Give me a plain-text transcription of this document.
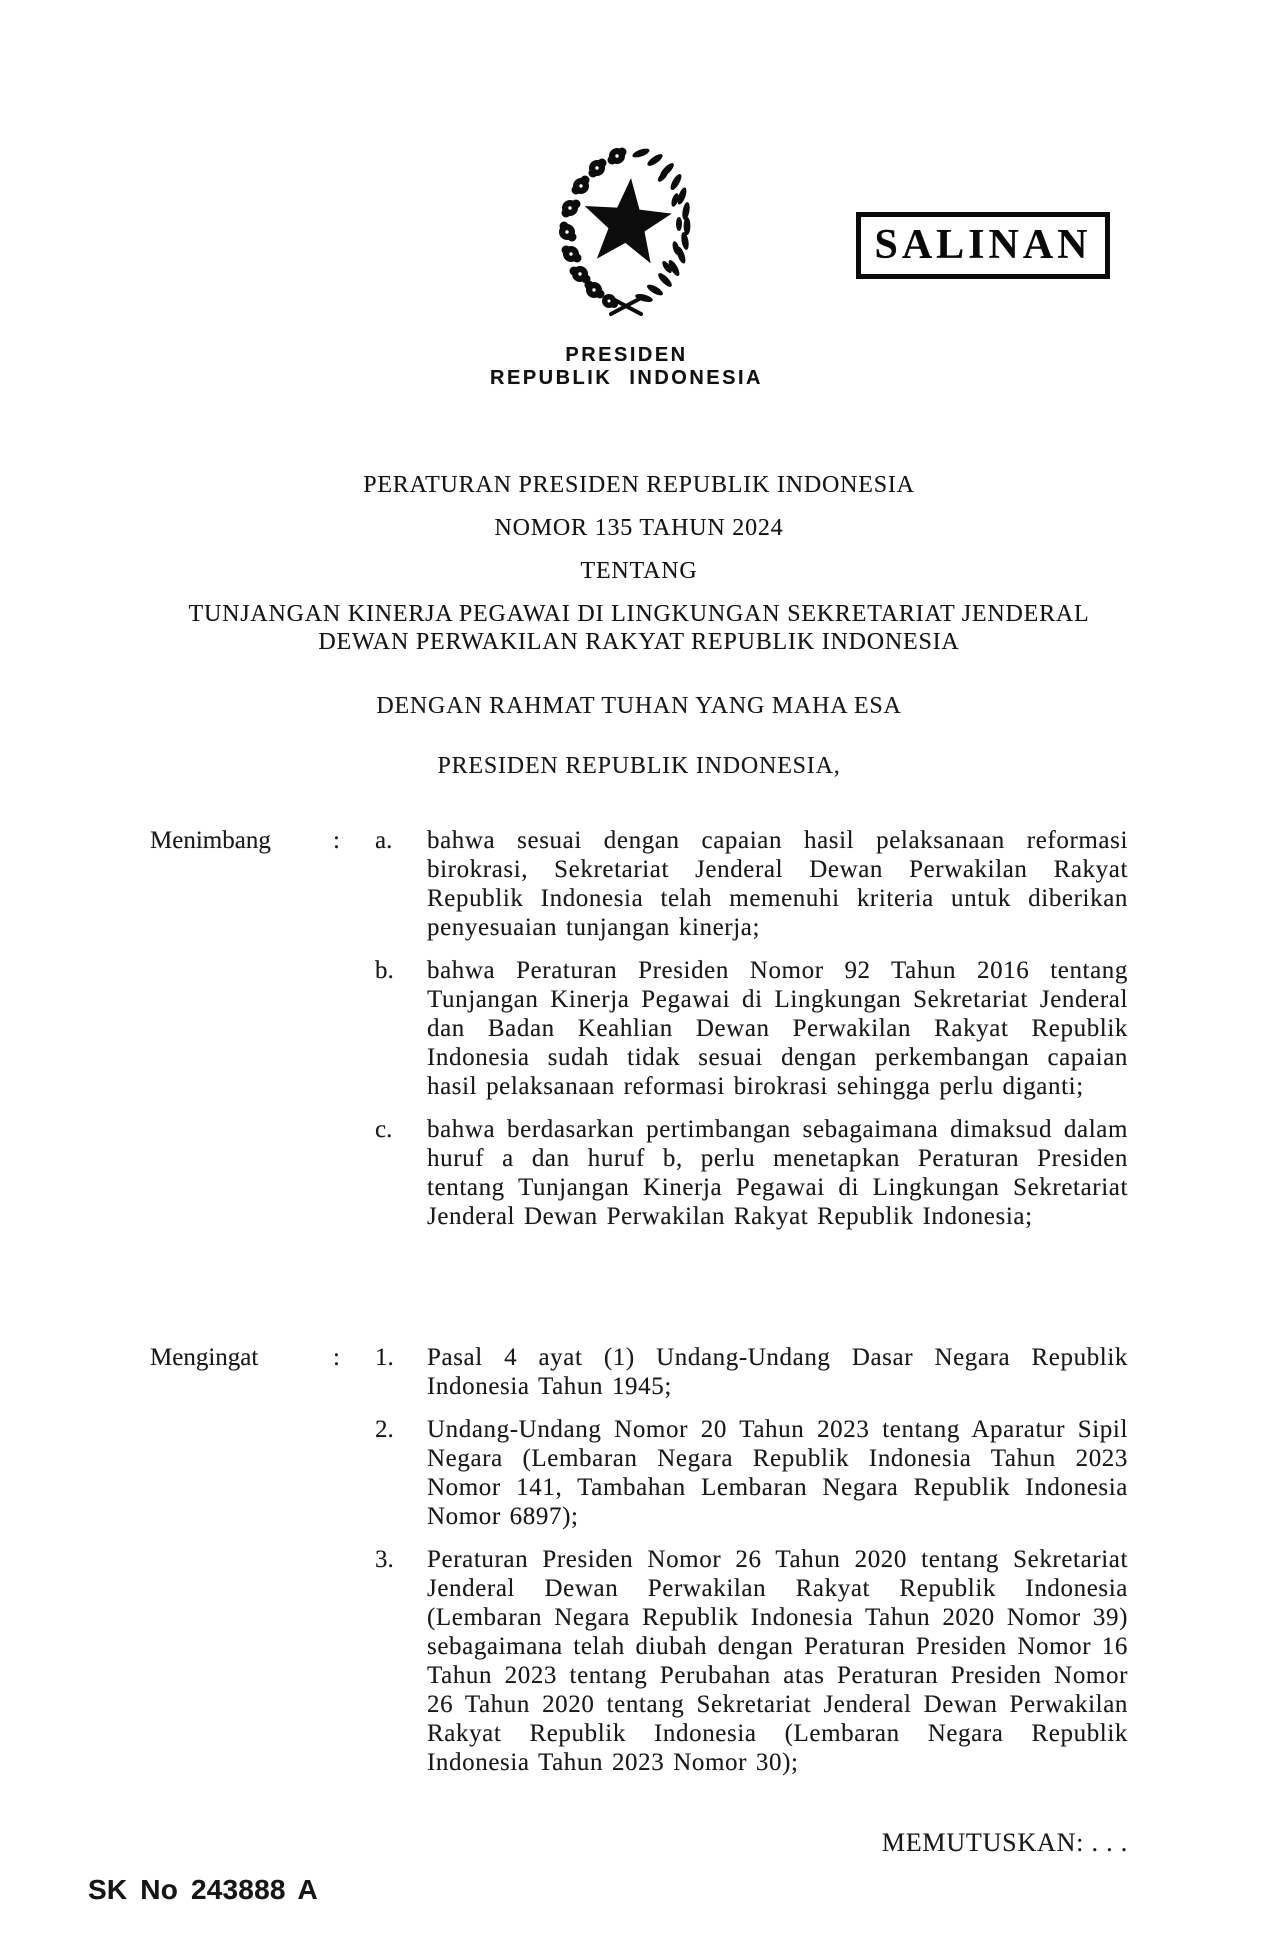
PRESIDEN
REPUBLIK INDONESIA
SALINAN
PERATURAN PRESIDEN REPUBLIK INDONESIA
NOMOR 135 TAHUN 2024
TENTANG
TUNJANGAN KINERJA PEGAWAI DI LINGKUNGAN SEKRETARIAT JENDERAL DEWAN PERWAKILAN RAKYAT REPUBLIK INDONESIA
DENGAN RAHMAT TUHAN YANG MAHA ESA
PRESIDEN REPUBLIK INDONESIA,
Menimbang : a. bahwa sesuai dengan capaian hasil pelaksanaan reformasi birokrasi, Sekretariat Jenderal Dewan Perwakilan Rakyat Republik Indonesia telah memenuhi kriteria untuk diberikan penyesuaian tunjangan kinerja;
b. bahwa Peraturan Presiden Nomor 92 Tahun 2016 tentang Tunjangan Kinerja Pegawai di Lingkungan Sekretariat Jenderal dan Badan Keahlian Dewan Perwakilan Rakyat Republik Indonesia sudah tidak sesuai dengan perkembangan capaian hasil pelaksanaan reformasi birokrasi sehingga perlu diganti;
c. bahwa berdasarkan pertimbangan sebagaimana dimaksud dalam huruf a dan huruf b, perlu menetapkan Peraturan Presiden tentang Tunjangan Kinerja Pegawai di Lingkungan Sekretariat Jenderal Dewan Perwakilan Rakyat Republik Indonesia;
Mengingat	: 1. Pasal 4 ayat (1) Undang-Undang Dasar Negara Republik Indonesia Tahun 1945;
2. Undang-Undang Nomor 20 Tahun 2023 tentang Aparatur Sipil Negara (Lembaran Negara Republik Indonesia Tahun 2023 Nomor 141, Tambahan Lembaran Negara Republik Indonesia Nomor 6897);
3. Peraturan Presiden Nomor 26 Tahun 2020 tentang Sekretariat Jenderal Dewan Perwakilan Rakyat Republik Indonesia (Lembaran Negara Republik Indonesia Tahun 2020 Nomor 39) sebagaimana telah diubah dengan Peraturan Presiden Nomor 16 Tahun 2023 tentang Perubahan atas Peraturan Presiden Nomor 26 Tahun 2020 tentang Sekretariat Jenderal Dewan Perwakilan Rakyat Republik Indonesia (Lembaran Negara Republik Indonesia Tahun 2023 Nomor 30);
MEMUTUSKAN: . . .
SK No 243888 A
